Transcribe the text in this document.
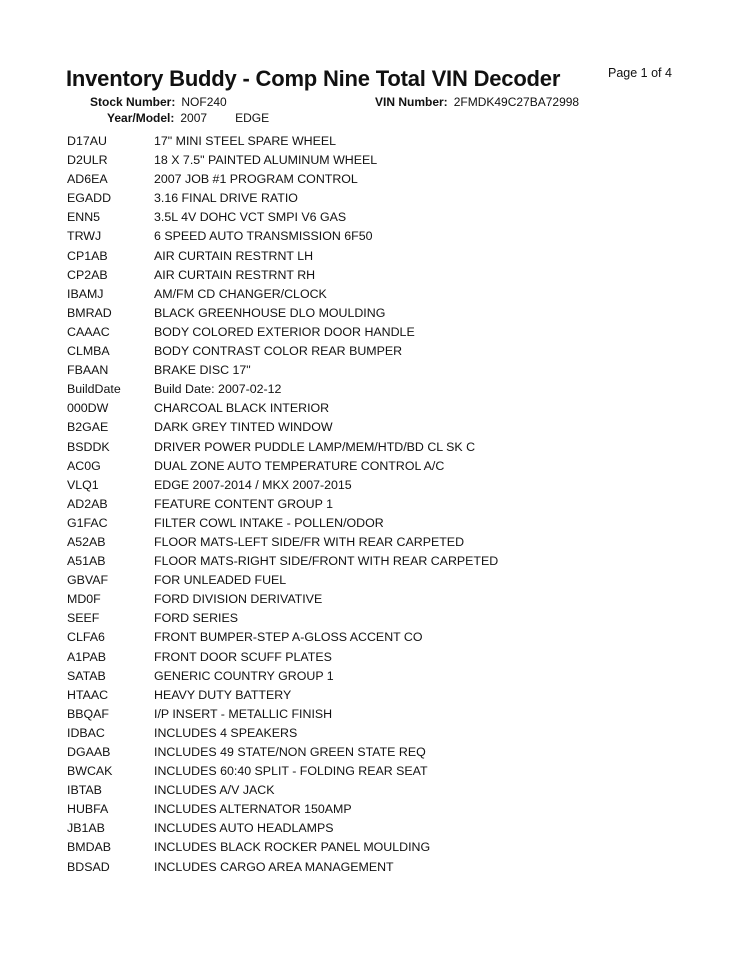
Inventory Buddy - Comp Nine Total VIN Decoder	Page 1 of 4
Stock Number: NOF240	VIN Number: 2FMDK49C27BA72998
Year/Model: 2007 EDGE
D17AU	17" MINI STEEL SPARE WHEEL
D2ULR	18 X 7.5" PAINTED ALUMINUM WHEEL
AD6EA	2007 JOB #1 PROGRAM CONTROL
EGADD	3.16 FINAL DRIVE RATIO
ENN5	3.5L 4V DOHC VCT SMPI V6 GAS
TRWJ	6 SPEED AUTO TRANSMISSION 6F50
CP1AB	AIR CURTAIN RESTRNT LH
CP2AB	AIR CURTAIN RESTRNT RH
IBAMJ	AM/FM CD CHANGER/CLOCK
BMRAD	BLACK GREENHOUSE DLO MOULDING
CAAAC	BODY COLORED EXTERIOR DOOR HANDLE
CLMBA	BODY CONTRAST COLOR REAR BUMPER
FBAAN	BRAKE DISC 17"
BuildDate	Build Date: 2007-02-12
000DW	CHARCOAL BLACK INTERIOR
B2GAE	DARK GREY TINTED WINDOW
BSDDK	DRIVER POWER PUDDLE LAMP/MEM/HTD/BD CL SK C
AC0G	DUAL ZONE AUTO TEMPERATURE CONTROL A/C
VLQ1	EDGE 2007-2014 / MKX 2007-2015
AD2AB	FEATURE CONTENT GROUP 1
G1FAC	FILTER COWL INTAKE - POLLEN/ODOR
A52AB	FLOOR MATS-LEFT SIDE/FR WITH REAR CARPETED
A51AB	FLOOR MATS-RIGHT SIDE/FRONT WITH REAR CARPETED
GBVAF	FOR UNLEADED FUEL
MD0F	FORD DIVISION DERIVATIVE
SEEF	FORD SERIES
CLFA6	FRONT BUMPER-STEP A-GLOSS ACCENT CO
A1PAB	FRONT DOOR SCUFF PLATES
SATAB	GENERIC COUNTRY GROUP 1
HTAAC	HEAVY DUTY BATTERY
BBQAF	I/P INSERT - METALLIC FINISH
IDBAC	INCLUDES 4 SPEAKERS
DGAAB	INCLUDES 49 STATE/NON GREEN STATE REQ
BWCAK	INCLUDES 60:40 SPLIT - FOLDING REAR SEAT
IBTAB	INCLUDES A/V JACK
HUBFA	INCLUDES ALTERNATOR 150AMP
JB1AB	INCLUDES AUTO HEADLAMPS
BMDAB	INCLUDES BLACK ROCKER PANEL MOULDING
BDSAD	INCLUDES CARGO AREA MANAGEMENT
